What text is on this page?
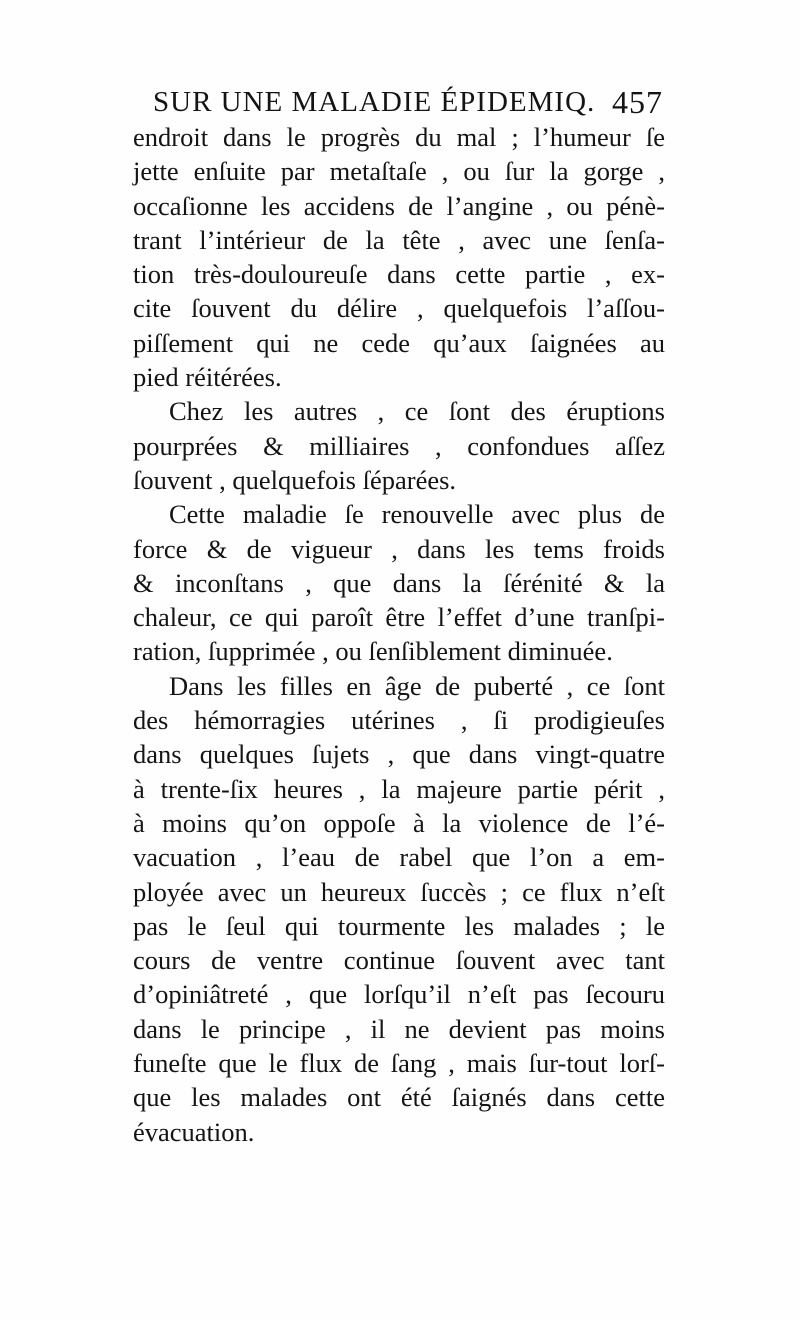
SUR UNE MALADIE ÉPIDEMIQ. 457
endroit dans le progrès du mal ; l’humeur ſe
jette enſuite par metaſtaſe , ou ſur la gorge ,
occaſionne les accidens de l’angine , ou pénè-
trant l’intérieur de la tête , avec une ſenſa-
tion très-douloureuſe dans cette partie , ex-
cite ſouvent du délire , quelquefois l’aſſou-
piſſement qui ne cede qu’aux ſaignées au
pied réitérées.
Chez les autres , ce ſont des éruptions
pourprées & milliaires , confondues aſſez
ſouvent , quelquefois ſéparées.
Cette maladie ſe renouvelle avec plus de
force & de vigueur , dans les tems froids
& inconſtans , que dans la ſérénité & la
chaleur, ce qui paroît être l’effet d’une tranſpi-
ration, ſupprimée , ou ſenſiblement diminuée.
Dans les filles en âge de puberté , ce ſont
des hémorragies utérines , ſi prodigieuſes
dans quelques ſujets , que dans vingt-quatre
à trente-ſix heures , la majeure partie périt ,
à moins qu’on oppoſe à la violence de l’é-
vacuation , l’eau de rabel que l’on a em-
ployée avec un heureux ſuccès ; ce flux n’eſt
pas le ſeul qui tourmente les malades ; le
cours de ventre continue ſouvent avec tant
d’opiniâtreté , que lorſqu’il n’eſt pas ſecouru
dans le principe , il ne devient pas moins
funeſte que le flux de ſang , mais ſur-tout lorſ-
que les malades ont été ſaignés dans cette
évacuation.
